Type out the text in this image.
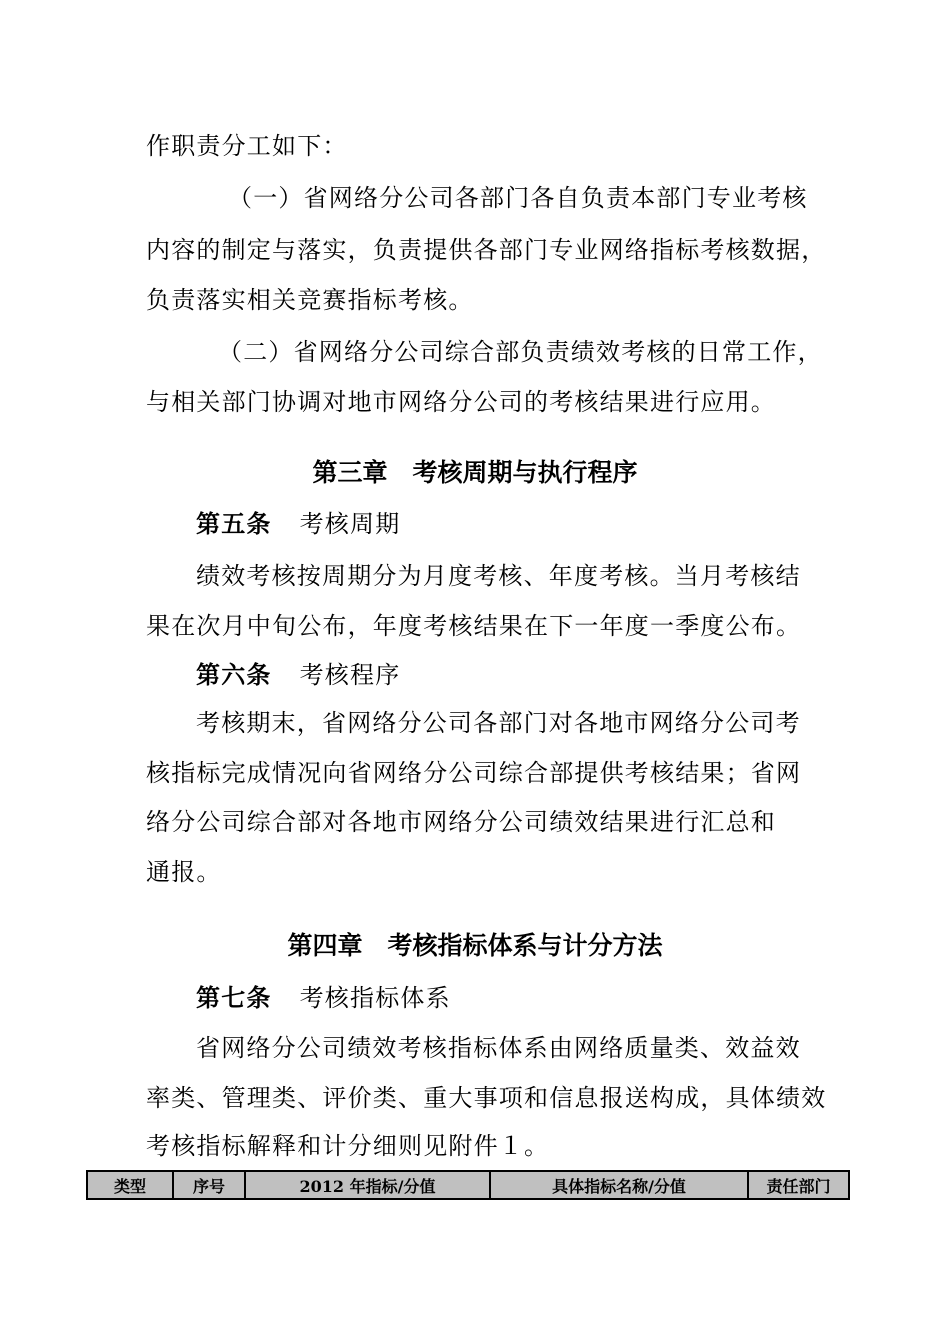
作职责分工如下：
（一）省网络分公司各部门各自负责本部门专业考核
内容的制定与落实，负责提供各部门专业网络指标考核数据，
负责落实相关竞赛指标考核。
（二）省网络分公司综合部负责绩效考核的日常工作，
与相关部门协调对地市网络分公司的考核结果进行应用。
第三章　考核周期与执行程序
第五条 考核周期
绩效考核按周期分为月度考核、年度考核。当月考核结
果在次月中旬公布，年度考核结果在下一年度一季度公布。
第六条 考核程序
考核期末，省网络分公司各部门对各地市网络分公司考
核指标完成情况向省网络分公司综合部提供考核结果；省网
络分公司综合部对各地市网络分公司绩效结果进行汇总和
通报。
第四章　考核指标体系与计分方法
第七条 考核指标体系
省网络分公司绩效考核指标体系由网络质量类、效益效
率类、管理类、评价类、重大事项和信息报送构成，具体绩效
考核指标解释和计分细则见附件１。
类型	序号	2012 年指标/分值	具体指标名称/分值	责任部门
